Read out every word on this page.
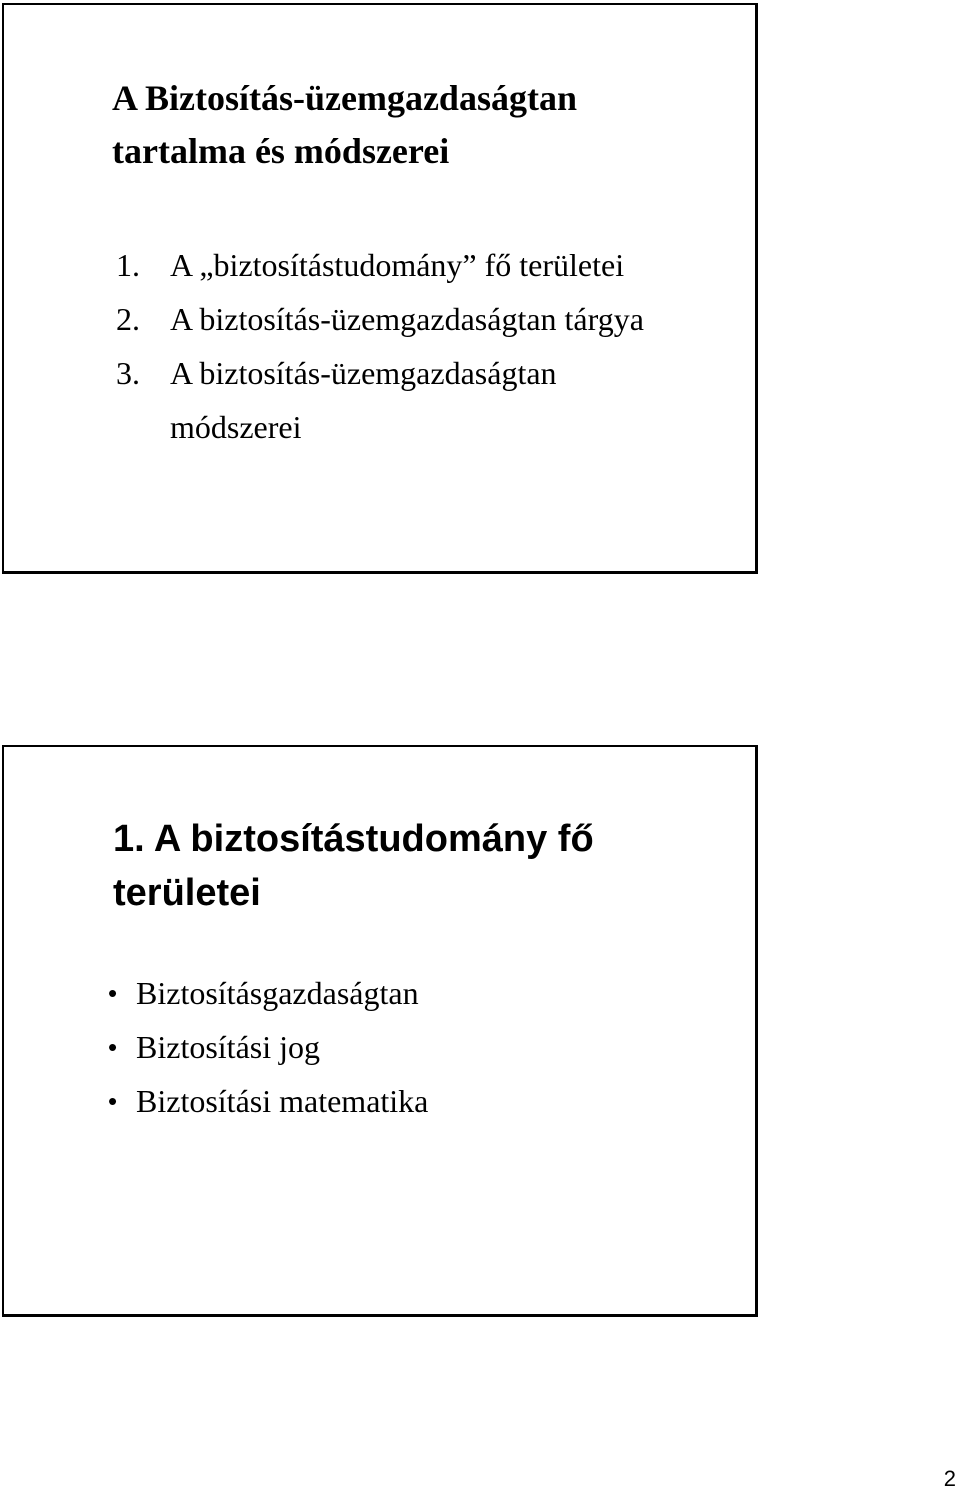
A Biztosítás-üzemgazdaságtan
tartalma és módszerei
1. A „biztosítástudomány” fő területei
2. A biztosítás-üzemgazdaságtan tárgya
3. A biztosítás-üzemgazdaságtan
módszerei
1. A biztosítástudomány fő
területei
• Biztosításgazdaságtan
• Biztosítási jog
• Biztosítási matematika
2
